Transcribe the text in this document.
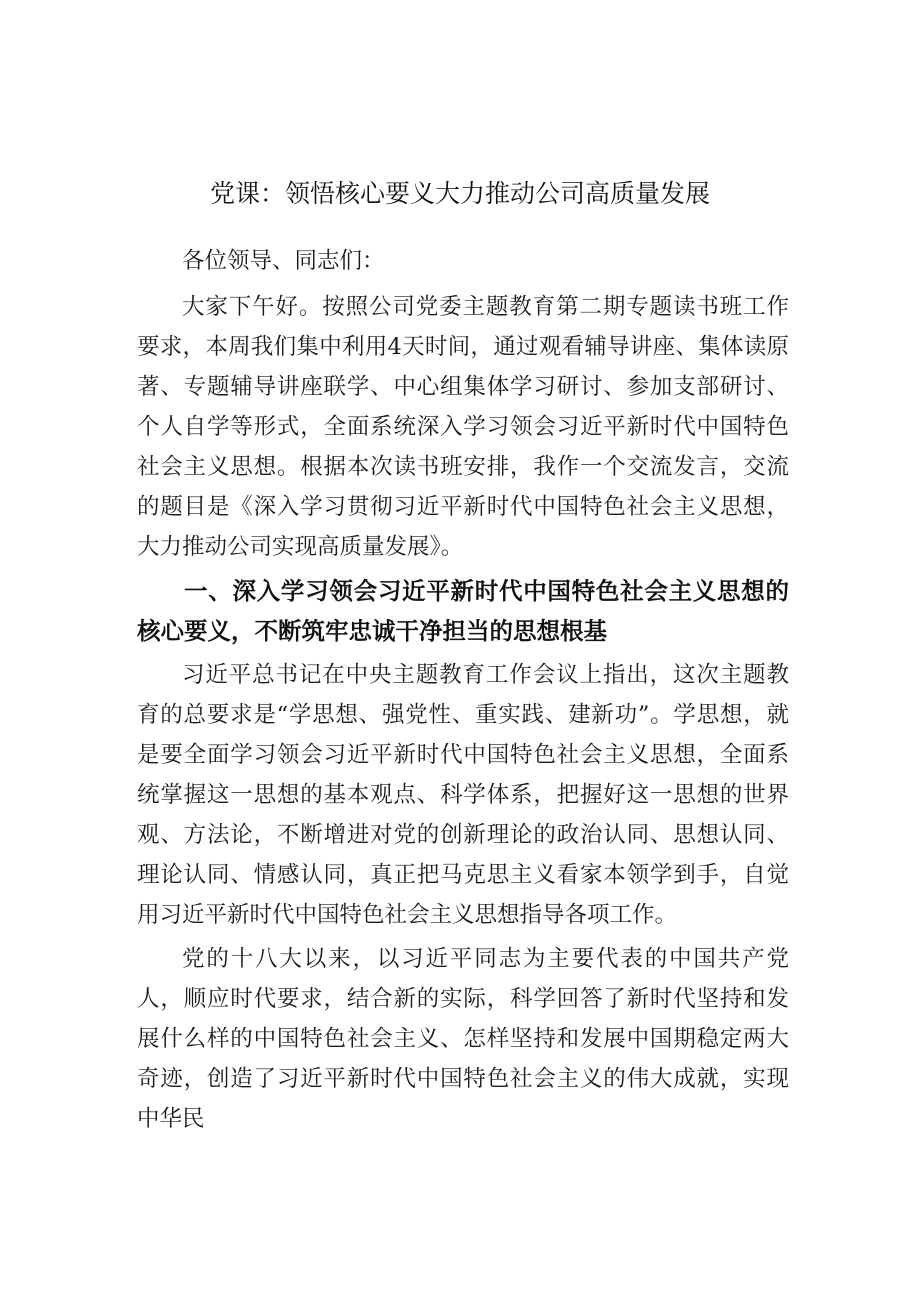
党课：领悟核心要义大力推动公司高质量发展

各位领导、同志们：

大家下午好。按照公司党委主题教育第二期专题读书班工作要求，本周我们集中利用4天时间，通过观看辅导讲座、集体读原著、专题辅导讲座联学、中心组集体学习研讨、参加支部研讨、个人自学等形式，全面系统深入学习领会习近平新时代中国特色社会主义思想。根据本次读书班安排，我作一个交流发言，交流的题目是《深入学习贯彻习近平新时代中国特色社会主义思想，大力推动公司实现高质量发展》。

一、深入学习领会习近平新时代中国特色社会主义思想的核心要义，不断筑牢忠诚干净担当的思想根基

习近平总书记在中央主题教育工作会议上指出，这次主题教育的总要求是“学思想、强党性、重实践、建新功”。学思想，就是要全面学习领会习近平新时代中国特色社会主义思想，全面系统掌握这一思想的基本观点、科学体系，把握好这一思想的世界观、方法论，不断增进对党的创新理论的政治认同、思想认同、理论认同、情感认同，真正把马克思主义看家本领学到手，自觉用习近平新时代中国特色社会主义思想指导各项工作。

党的十八大以来，以习近平同志为主要代表的中国共产党人，顺应时代要求，结合新的实际，科学回答了新时代坚持和发展什么样的中国特色社会主义、怎样坚持和发展中国期稳定两大奇迹，创造了习近平新时代中国特色社会主义的伟大成就，实现中华民
